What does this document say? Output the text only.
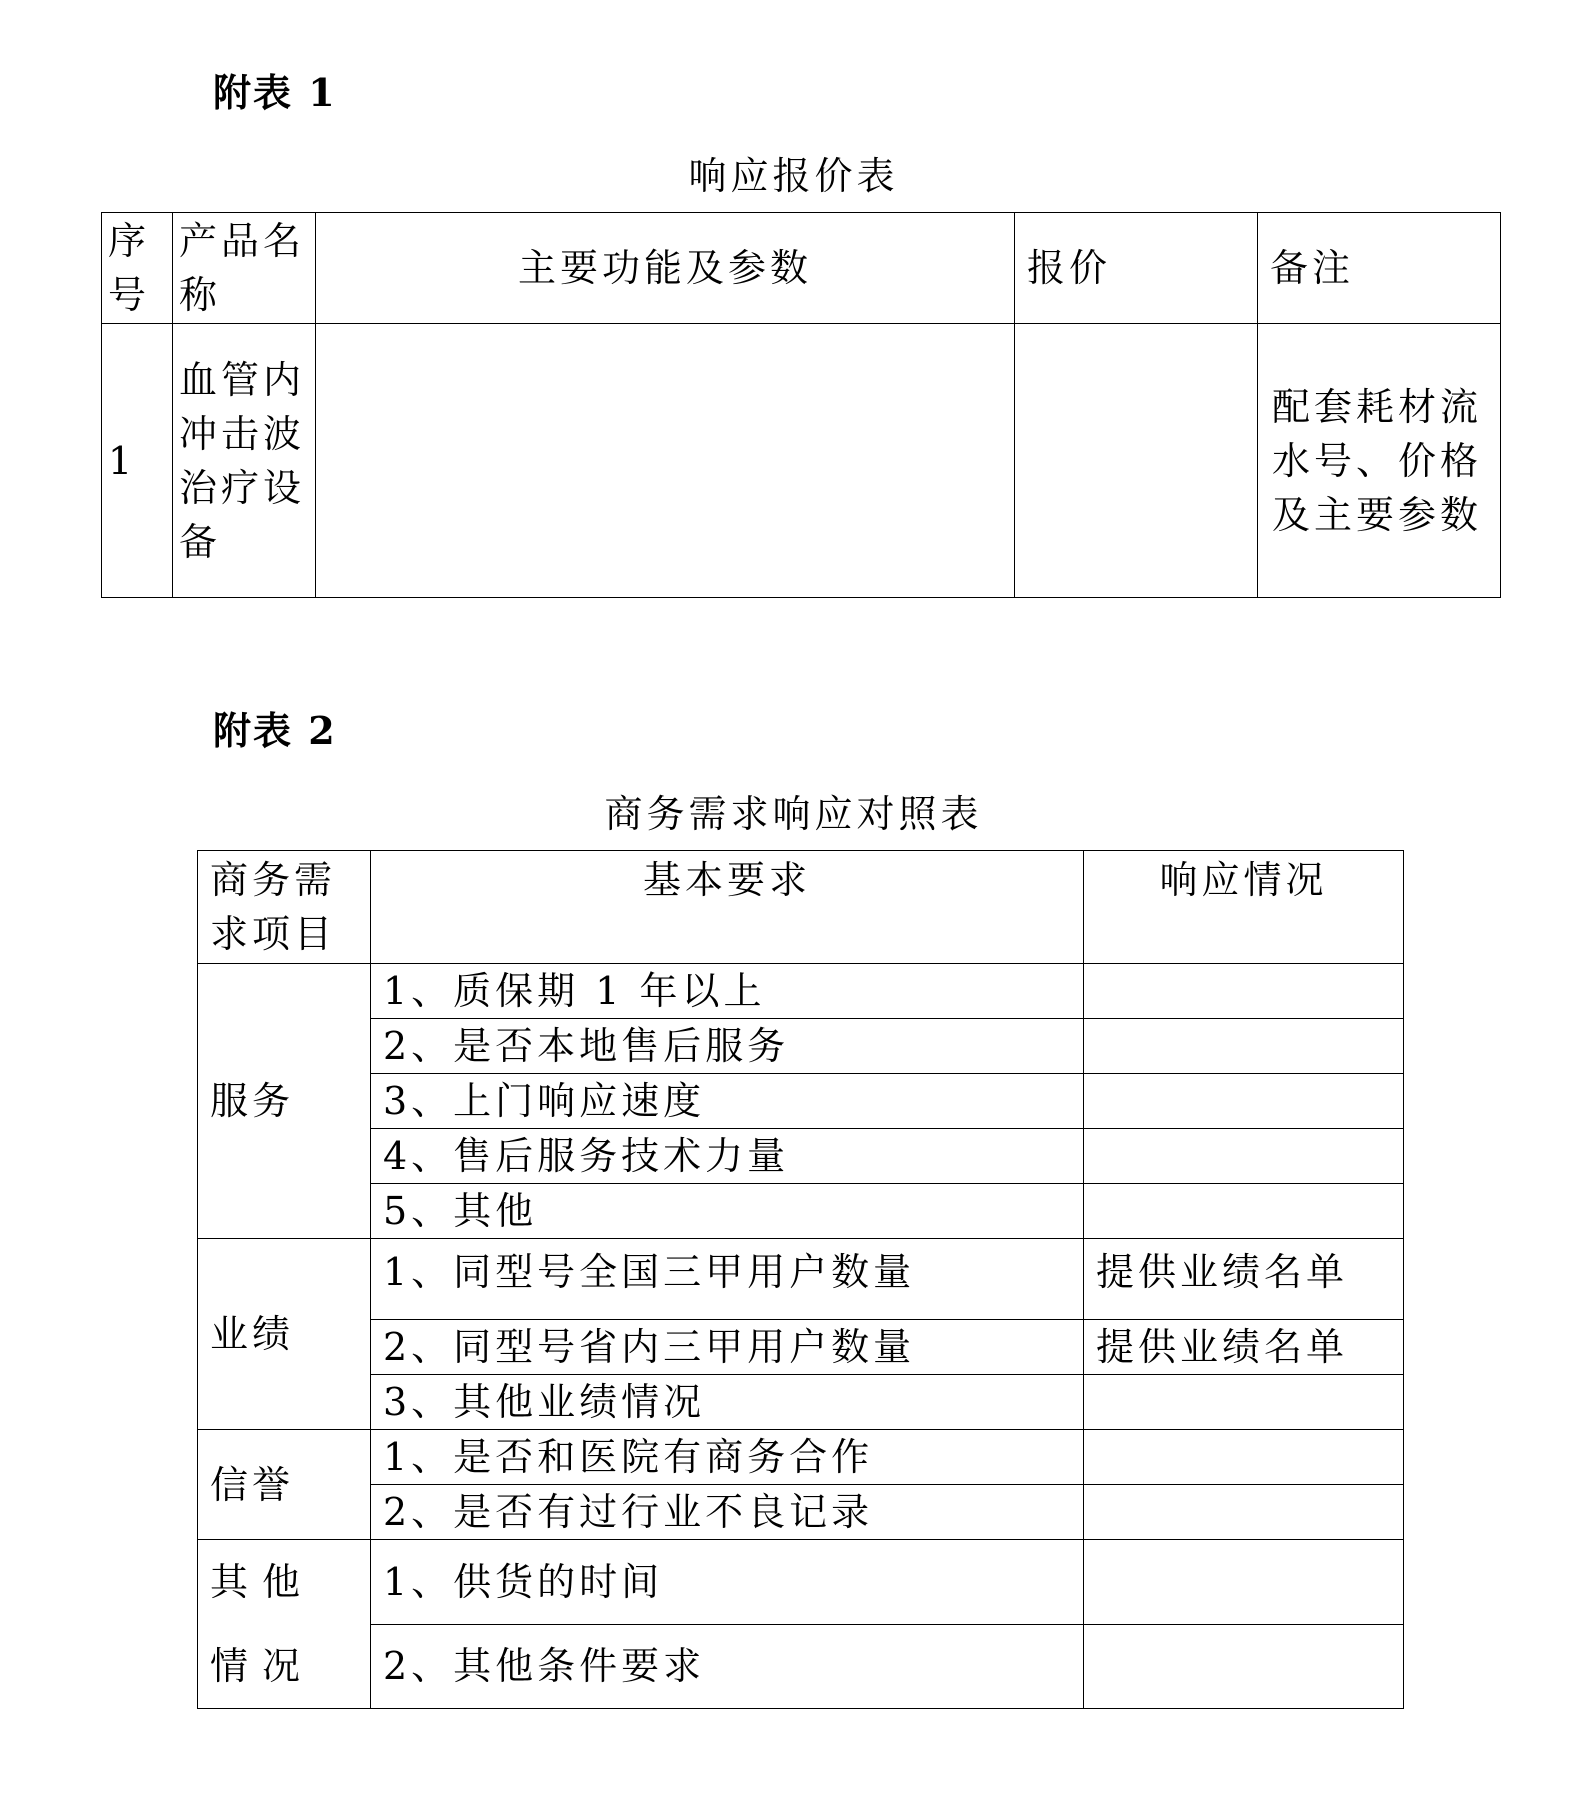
附表 1
响应报价表
序号	产品名称	主要功能及参数	报价	备注
1	血管内冲击波治疗设备			配套耗材流水号、价格及主要参数
附表 2
商务需求响应对照表
商务需求项目	基本要求	响应情况
服务	1、质保期 1 年以上	
	2、是否本地售后服务	
	3、上门响应速度	
	4、售后服务技术力量	
	5、其他	
业绩	1、同型号全国三甲用户数量	提供业绩名单
	2、同型号省内三甲用户数量	提供业绩名单
	3、其他业绩情况	
信誉	1、是否和医院有商务合作	
	2、是否有过行业不良记录	
其他情况	1、供货的时间	
	2、其他条件要求	
